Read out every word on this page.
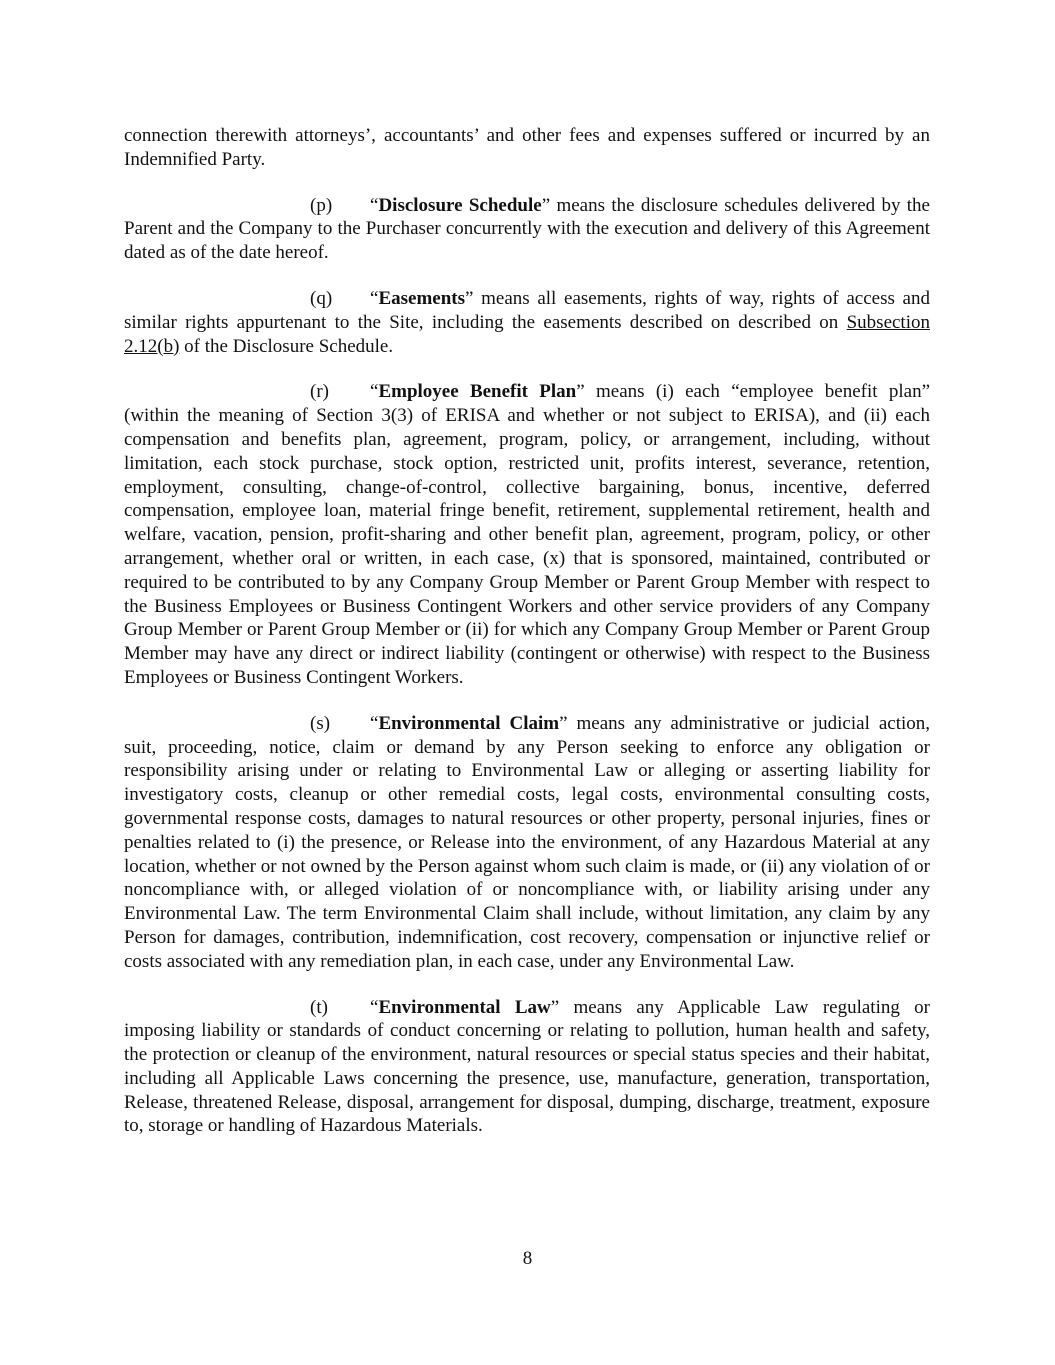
connection therewith attorneys’, accountants’ and other fees and expenses suffered or incurred by an Indemnified Party.

(p) “Disclosure Schedule” means the disclosure schedules delivered by the Parent and the Company to the Purchaser concurrently with the execution and delivery of this Agreement dated as of the date hereof.

(q) “Easements” means all easements, rights of way, rights of access and similar rights appurtenant to the Site, including the easements described on described on Subsection 2.12(b) of the Disclosure Schedule.

(r) “Employee Benefit Plan” means (i) each “employee benefit plan” (within the meaning of Section 3(3) of ERISA and whether or not subject to ERISA), and (ii) each compensation and benefits plan, agreement, program, policy, or arrangement, including, without limitation, each stock purchase, stock option, restricted unit, profits interest, severance, retention, employment, consulting, change-of-control, collective bargaining, bonus, incentive, deferred compensation, employee loan, material fringe benefit, retirement, supplemental retirement, health and welfare, vacation, pension, profit-sharing and other benefit plan, agreement, program, policy, or other arrangement, whether oral or written, in each case, (x) that is sponsored, maintained, contributed or required to be contributed to by any Company Group Member or Parent Group Member with respect to the Business Employees or Business Contingent Workers and other service providers of any Company Group Member or Parent Group Member or (ii) for which any Company Group Member or Parent Group Member may have any direct or indirect liability (contingent or otherwise) with respect to the Business Employees or Business Contingent Workers.

(s) “Environmental Claim” means any administrative or judicial action, suit, proceeding, notice, claim or demand by any Person seeking to enforce any obligation or responsibility arising under or relating to Environmental Law or alleging or asserting liability for investigatory costs, cleanup or other remedial costs, legal costs, environmental consulting costs, governmental response costs, damages to natural resources or other property, personal injuries, fines or penalties related to (i) the presence, or Release into the environment, of any Hazardous Material at any location, whether or not owned by the Person against whom such claim is made, or (ii) any violation of or noncompliance with, or alleged violation of or noncompliance with, or liability arising under any Environmental Law. The term Environmental Claim shall include, without limitation, any claim by any Person for damages, contribution, indemnification, cost recovery, compensation or injunctive relief or costs associated with any remediation plan, in each case, under any Environmental Law.

(t) “Environmental Law” means any Applicable Law regulating or imposing liability or standards of conduct concerning or relating to pollution, human health and safety, the protection or cleanup of the environment, natural resources or special status species and their habitat, including all Applicable Laws concerning the presence, use, manufacture, generation, transportation, Release, threatened Release, disposal, arrangement for disposal, dumping, discharge, treatment, exposure to, storage or handling of Hazardous Materials.

8
